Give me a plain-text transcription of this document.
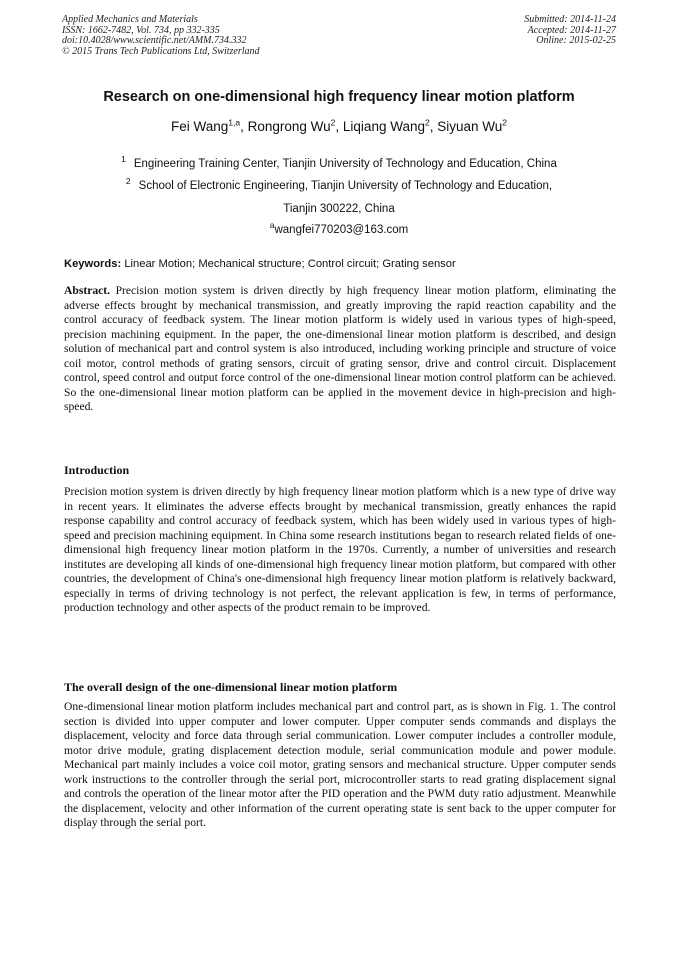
Applied Mechanics and Materials
ISSN: 1662-7482, Vol. 734, pp 332-335
doi:10.4028/www.scientific.net/AMM.734.332
© 2015 Trans Tech Publications Ltd, Switzerland
Submitted: 2014-11-24
Accepted: 2014-11-27
Online: 2015-02-25
Research on one-dimensional high frequency linear motion platform
Fei Wang$^{1,a}$, Rongrong Wu$^2$, Liqiang Wang$^2$, Siyuan Wu$^2$
$^1$ Engineering Training Center, Tianjin University of Technology and Education, China
$^2$ School of Electronic Engineering, Tianjin University of Technology and Education,
Tianjin 300222, China
$^a$wangfei770203@163.com
Keywords: Linear Motion; Mechanical structure; Control circuit; Grating sensor
Abstract. Precision motion system is driven directly by high frequency linear motion platform, eliminating the adverse effects brought by mechanical transmission, and greatly improving the rapid reaction capability and the control accuracy of feedback system. The linear motion platform is widely used in various types of high-speed, precision machining equipment. In the paper, the one-dimensional linear motion platform is described, and design solution of mechanical part and control system is also introduced, including working principle and structure of voice coil motor, control methods of grating sensors, circuit of grating sensor, drive and control circuit. Displacement control, speed control and output force control of the one-dimensional linear motion control platform can be achieved. So the one-dimensional linear motion platform can be applied in the movement device in high-precision and high-speed.
Introduction
Precision motion system is driven directly by high frequency linear motion platform which is a new type of drive way in recent years. It eliminates the adverse effects brought by mechanical transmission, greatly enhances the rapid response capability and control accuracy of feedback system, which has been widely used in various types of high-speed and precision machining equipment. In China some research institutions began to research related fields of one-dimensional high frequency linear motion platform in the 1970s. Currently, a number of universities and research institutes are developing all kinds of one-dimensional high frequency linear motion platform, but compared with other countries, the development of China's one-dimensional high frequency linear motion platform is relatively backward, especially in terms of driving technology is not perfect, the relevant application is few, in terms of performance, production technology and other aspects of the product remain to be improved.
The overall design of the one-dimensional linear motion platform
One-dimensional linear motion platform includes mechanical part and control part, as is shown in Fig. 1. The control section is divided into upper computer and lower computer. Upper computer sends commands and displays the displacement, velocity and force data through serial communication. Lower computer includes a controller module, motor drive module, grating displacement detection module, serial communication module and power module. Mechanical part mainly includes a voice coil motor, grating sensors and mechanical structure. Upper computer sends work instructions to the controller through the serial port, microcontroller starts to read grating displacement signal and controls the operation of the linear motor after the PID operation and the PWM duty ratio adjustment. Meanwhile the displacement, velocity and other information of the current operating state is sent back to the upper computer for display through the serial port.
